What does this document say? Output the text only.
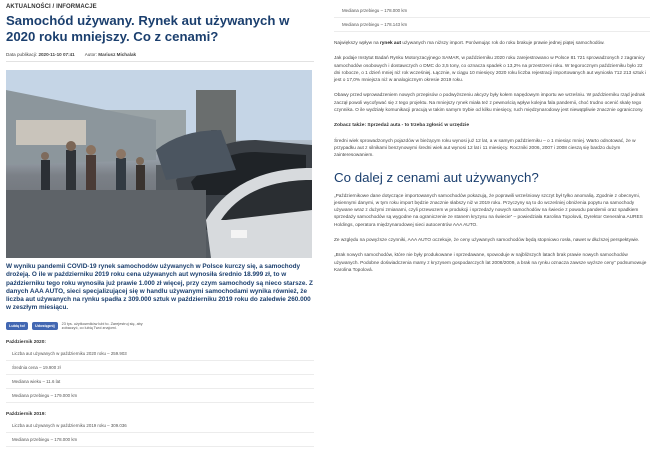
AKTUALNOŚCI / INFORMACJE
Samochód używany. Rynek aut używanych w 2020 roku mniejszy. Co z cenami?
Data publikacji: 2020-11-10 07:41 Autor: Mariusz Michalak
W wyniku pandemii COVID-19 rynek samochodów używanych w Polsce kurczy się, a samochody drożeją. O ile w październiku 2019 roku cena używanych aut wynosiła średnio 18.999 zł, to w październiku tego roku wynosiła już prawie 1.000 zł więcej, przy czym samochody są nieco starsze. Z danych AAA AUTO, sieci specjalizującej się w handlu używanymi samochodami wynika również, że liczba aut używanych na rynku spadła z 309.000 sztuk w październiku 2019 roku do zaledwie 260.000 w zeszłym miesiącu.
Lubię to!	Udostępnij
23 tys. użytkowników lubi to. Zarejestruj się, aby zobaczyć, co lubią Twoi znajomi.
Październik 2020:
Liczba aut używanych w październiku 2020 roku – 259.903
Średnia cena – 19.900 zł
Mediana wieku – 11.6 lat
Mediana przebiegu – 179.000 km
Październik 2019:
Liczba aut używanych w październiku 2019 roku – 309.036
Mediana przebiegu – 178.000 km
Mediana przebiegu – 178.000 km
Mediana przebiegu – 178.143 km

Największy wpływ na rynek aut używanych ma niższy import. Porównując rok do roku brakuje prawie jednej piątej samochodów.

Jak podaje Instytut Badań Rynku Motoryzacyjnego SAMAR, w październiku 2020 roku zarejestrowano w Polsce 81 721 sprowadzonych z zagranicy samochodów osobowych i dostawczych o DMC do 3,5 tony, co oznacza spadek o 13,2% na przestrzeni roku. W tegorocznym październiku było 22 dni robocze, o 1 dzień mniej niż rok wcześniej. Łącznie, w ciągu 10 miesięcy 2020 roku liczba rejestracji importowanych aut wyniosła 712 213 sztuk i jest o 17,0% mniejsza niż w analogicznym okresie 2019 roku.

Obawy przed wprowadzeniem nowych przepisów o podwyższeniu akcyzy były kołem napędowym importu we wrześniu. W październiku rząd jednak zaczął powoli wycofywać się z tego projektu. Na mniejszy rynek miała też z pewnością wpływ kolejna fala pandemii, choć trudno ocenić skalę tego czynnika. O ile wydziały komunikacji pracują w takim samym trybie od kilku miesięcy, ruch międzynarodowy jest niewątpliwie znacznie ograniczony.

Zobacz także: Sprzedaż auta - to trzeba zgłosić w urzędzie

Średni wiek sprowadzonych pojazdów w bieżącym roku wynosi już 12 lat, a w samym październiku – o 1 miesiąc mniej. Warto odnotować, że w przypadku aut z silnikami benzynowymi średni wiek aut wynosi 12 lat i 11 miesięcy. Roczniki 2006, 2007 i 2008 cieszą się bardzo dużym zainteresowaniem.

Co dalej z cenami aut używanych?

„Październikowe dane dotyczące importowanych samochodów pokazują, że poprawili wrześniowy szczyt był tylko anomalią. Zgodnie z obecnymi, jesiennymi danymi, w tym roku import będzie znacznie słabszy niż w 2019 roku. Przyczyny są to do wcześniej obniżenia popytu na samochody używane wraz z dużymi zmianami, czyli przewozem w produkcji i sprzedaży nowych samochodów na świecie z powodu pandemii oraz spadkiem sprzedaży samochodów są wygodne na ograniczenie ze stanem kryzysu na świecie” – powiedziała Karolina Topolová, Dyrektor Generalna AURES Holdings, operatora międzynarodowej sieci autocentrów AAA AUTO.

Ze względu na powyższe czynniki, AAA AUTO oczekuje, że ceny używanych samochodów będą stopniowo rosła, nawet w dłuższej perspektywie.

„Brak nowych samochodów, które nie były produkowane i sprzedawane, spowoduje w najbliższych latach brak prawie nowych samochodów używanych. Podobne doświadczenia mamy z kryzysem gospodarczych lat 2008/2009, a brak na rynku oznacza zawsze wyższe ceny” podsumowuje Karolina Topolová.
